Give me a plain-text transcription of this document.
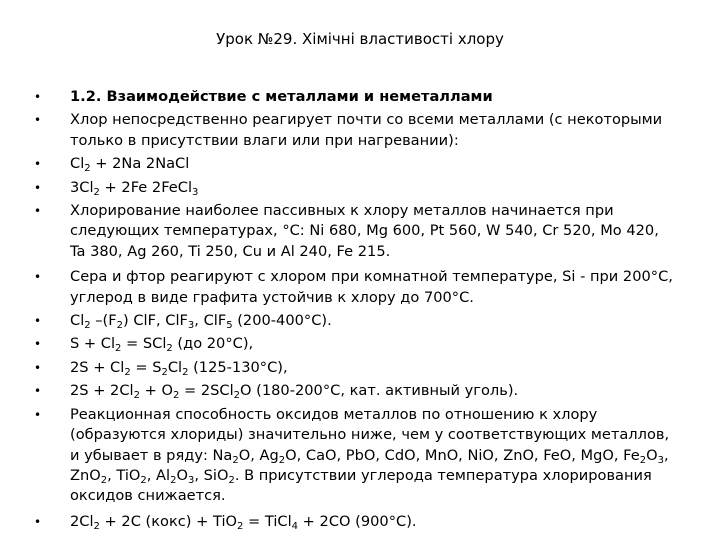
Урок №29. Хімічні властивості хлору
• 1.2. Взаимодействие с металлами и неметаллами
• Хлор непосредственно реагирует почти со всеми металлами (с некоторыми только в присутствии влаги или при нагревании):
• $Cl_2 + 2Na$ 2NaCl
• $3Cl_2 + 2Fe$ 2FeCl$_3$
• Хлорирование наиболее пассивных к хлору металлов начинается при следующих температурах, °С: Ni 680, Mg 600, Pt 560, W 540, Cr 520, Mo 420, Ta 380, Ag 260, Ti 250, Cu и Al 240, Fe 215.
• Сера и фтор реагируют с хлором при комнатной температуре, Si - при 200°С, углерод в виде графита устойчив к хлору до 700°С.
• $Cl_2$ $-(F_2)$ ClF, ClF$_3$, ClF$_5$ (200-400°С).
• $S + Cl_2 = SCl_2$ (до 20°С),
• $2S + Cl_2 = S_2Cl_2$ (125-130°С),
• $2S + 2Cl_2 + O_2 = 2SCl_2O$ (180-200°С, кат. активный уголь).
• Реакционная способность оксидов металлов по отношению к хлору (образуются хлориды) значительно ниже, чем у соответствующих металлов, и убывает в ряду: $Na_2O$, $Ag_2O$, CaO, PbO, CdO, MnO, NiO, ZnO, FeO, MgO, $Fe_2O_3$, ZnO$_2$, TiO$_2$, $Al_2O_3$, SiO$_2$. В присутствии углерода температура хлорирования оксидов снижается.
• $2Cl_2 + 2C$ (кокс) + TiO$_2$ = TiCl$_4$ + 2CO (900°С).
